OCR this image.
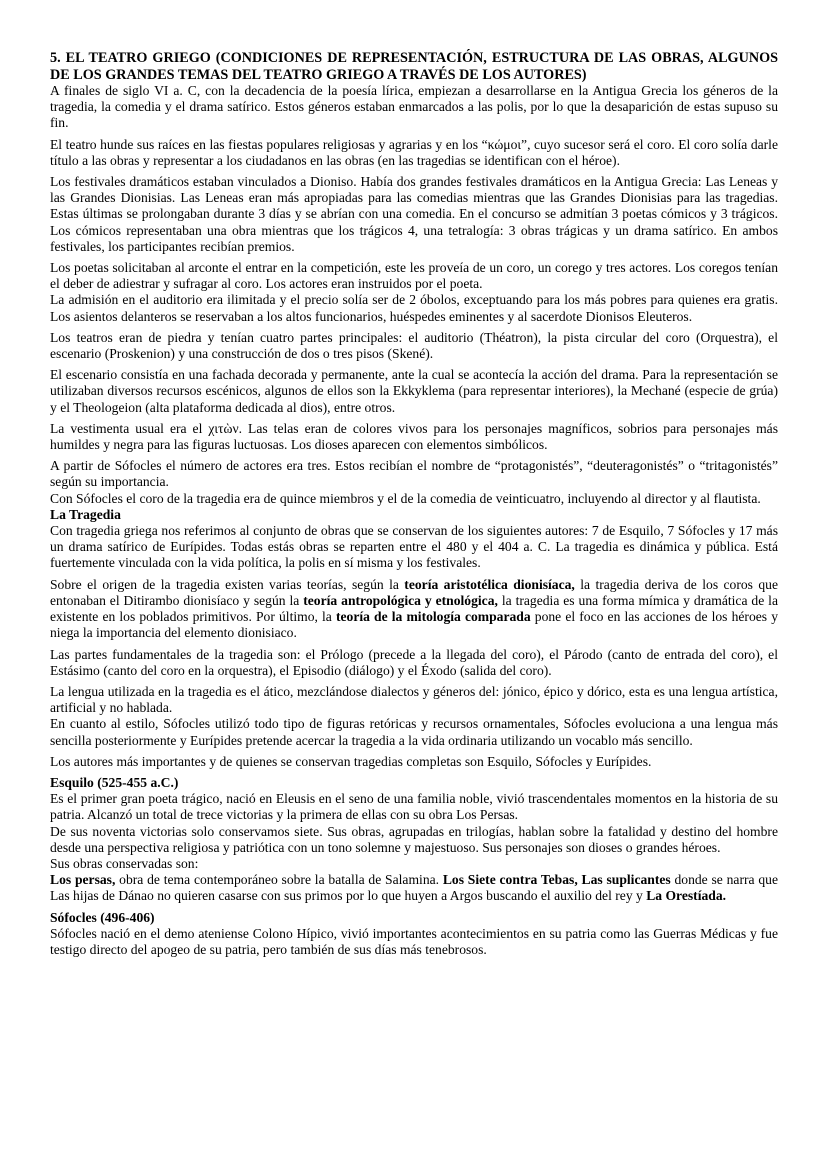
5. EL TEATRO GRIEGO (CONDICIONES DE REPRESENTACIÓN, ESTRUCTURA DE LAS OBRAS, ALGUNOS DE LOS GRANDES TEMAS DEL TEATRO GRIEGO A TRAVÉS DE LOS AUTORES)

A finales de siglo VI a. C, con la decadencia de la poesía lírica, empiezan a desarrollarse en la Antigua Grecia los géneros de la tragedia, la comedia y el drama satírico. Estos géneros estaban enmarcados a las polis, por lo que la desaparición de estas supuso su fin.

El teatro hunde sus raíces en las fiestas populares religiosas y agrarias y en los “κώμοι”, cuyo sucesor será el coro. El coro solía darle título a las obras y representar a los ciudadanos en las obras (en las tragedias se identifican con el héroe).

Los festivales dramáticos estaban vinculados a Dioniso. Había dos grandes festivales dramáticos en la Antigua Grecia: Las Leneas y las Grandes Dionisias. Las Leneas eran más apropiadas para las comedias mientras que las Grandes Dionisias para las tragedias. Estas últimas se prolongaban durante 3 días y se abrían con una comedia. En el concurso se admitían 3 poetas cómicos y 3 trágicos. Los cómicos representaban una obra mientras que los trágicos 4, una tetralogía: 3 obras trágicas y un drama satírico. En ambos festivales, los participantes recibían premios.

Los poetas solicitaban al arconte el entrar en la competición, este les proveía de un coro, un corego y tres actores. Los coregos tenían el deber de adiestrar y sufragar al coro. Los actores eran instruidos por el poeta.

La admisión en el auditorio era ilimitada y el precio solía ser de 2 óbolos, exceptuando para los más pobres para quienes era gratis. Los asientos delanteros se reservaban a los altos funcionarios, huéspedes eminentes y al sacerdote Dionisos Eleuteros.

Los teatros eran de piedra y tenían cuatro partes principales: el auditorio (Théatron), la pista circular del coro (Orquestra), el escenario (Proskenion) y una construcción de dos o tres pisos (Skené).

El escenario consistía en una fachada decorada y permanente, ante la cual se acontecía la acción del drama. Para la representación se utilizaban diversos recursos escénicos, algunos de ellos son la Ekkyklema (para representar interiores), la Mechané (especie de grúa) y el Theologeion (alta plataforma dedicada al dios), entre otros.

La vestimenta usual era el χιτὼν. Las telas eran de colores vivos para los personajes magníficos, sobrios para personajes más humildes y negra para las figuras luctuosas. Los dioses aparecen con elementos simbólicos.

A partir de Sófocles el número de actores era tres. Estos recibían el nombre de “protagonistés”, “deuteragonistés” o “tritagonistés” según su importancia.

Con Sófocles el coro de la tragedia era de quince miembros y el de la comedia de veinticuatro, incluyendo al director y al flautista.

La Tragedia

Con tragedia griega nos referimos al conjunto de obras que se conservan de los siguientes autores: 7 de Esquilo, 7 Sófocles y 17 más un drama satírico de Eurípides. Todas estás obras se reparten entre el 480 y el 404 a. C. La tragedia es dinámica y pública. Está fuertemente vinculada con la vida política, la polis en sí misma y los festivales.

Sobre el origen de la tragedia existen varias teorías, según la teoría aristotélica dionisíaca, la tragedia deriva de los coros que entonaban el Ditirambo dionisíaco y según la teoría antropológica y etnológica, la tragedia es una forma mímica y dramática de la existente en los poblados primitivos. Por último, la teoría de la mitología comparada pone el foco en las acciones de los héroes y niega la importancia del elemento dionisiaco.

Las partes fundamentales de la tragedia son: el Prólogo (precede a la llegada del coro), el Párodo (canto de entrada del coro), el Estásimo (canto del coro en la orquestra), el Episodio (diálogo) y el Éxodo (salida del coro).

La lengua utilizada en la tragedia es el ático, mezclándose dialectos y géneros del: jónico, épico y dórico, esta es una lengua artística, artificial y no hablada.

En cuanto al estilo, Sófocles utilizó todo tipo de figuras retóricas y recursos ornamentales, Sófocles evoluciona a una lengua más sencilla posteriormente y Eurípides pretende acercar la tragedia a la vida ordinaria utilizando un vocablo más sencillo.

Los autores más importantes y de quienes se conservan tragedias completas son Esquilo, Sófocles y Eurípides.

Esquilo (525-455 a.C.)

Es el primer gran poeta trágico, nació en Eleusis en el seno de una familia noble, vivió trascendentales momentos en la historia de su patria. Alcanzó un total de trece victorias y la primera de ellas con su obra Los Persas.

De sus noventa victorias solo conservamos siete. Sus obras, agrupadas en trilogías, hablan sobre la fatalidad y destino del hombre desde una perspectiva religiosa y patriótica con un tono solemne y majestuoso. Sus personajes son dioses o grandes héroes.

Sus obras conservadas son:

Los persas, obra de tema contemporáneo sobre la batalla de Salamina. Los Siete contra Tebas, Las suplicantes donde se narra que Las hijas de Dánao no quieren casarse con sus primos por lo que huyen a Argos buscando el auxilio del rey y La Orestíada.

Sófocles (496-406)

Sófocles nació en el demo ateniense Colono Hípico, vivió importantes acontecimientos en su patria como las Guerras Médicas y fue testigo directo del apogeo de su patria, pero también de sus días más tenebrosos.
